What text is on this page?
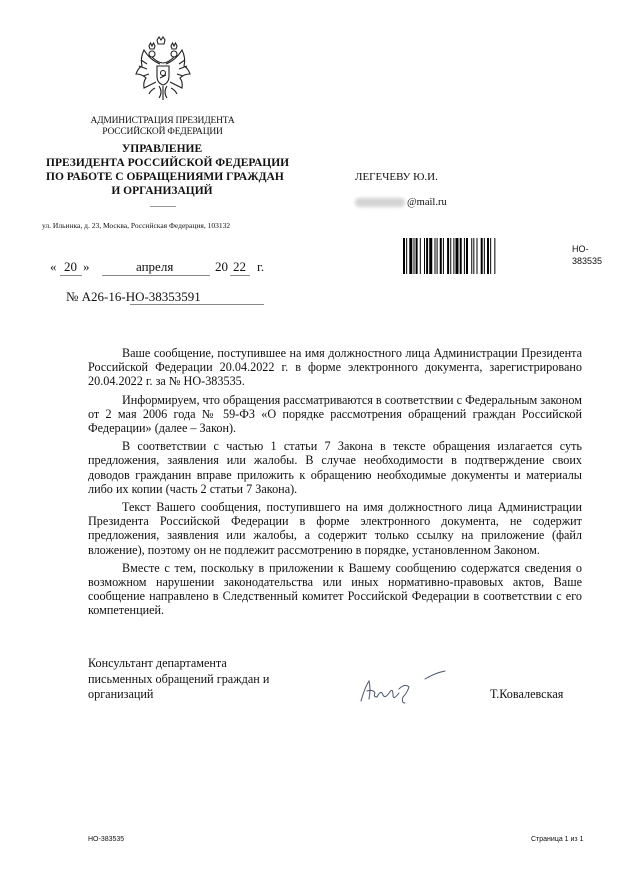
АДМИНИСТРАЦИЯ ПРЕЗИДЕНТА
РОССИЙСКОЙ ФЕДЕРАЦИИ
УПРАВЛЕНИЕ
ПРЕЗИДЕНТА РОССИЙСКОЙ ФЕДЕРАЦИИ
ПО РАБОТЕ С ОБРАЩЕНИЯМИ ГРАЖДАН
И ОРГАНИЗАЦИЙ
ул. Ильинка, д. 23, Москва, Российская Федерация, 103132
ЛЕГЕЧЕВУ Ю.И.
@mail.ru
НО-
383535
« 20 »	апреля	20 22 г.
№ А26-16-НО-38353591

Ваше сообщение, поступившее на имя должностного лица Администрации Президента Российской Федерации 20.04.2022 г. в форме электронного документа, зарегистрировано 20.04.2022 г. за № НО-383535.

Информируем, что обращения рассматриваются в соответствии с Федеральным законом от 2 мая 2006 года № 59-ФЗ «О порядке рассмотрения обращений граждан Российской Федерации» (далее – Закон).

В соответствии с частью 1 статьи 7 Закона в тексте обращения излагается суть предложения, заявления или жалобы. В случае необходимости в подтверждение своих доводов гражданин вправе приложить к обращению необходимые документы и материалы либо их копии (часть 2 статьи 7 Закона).

Текст Вашего сообщения, поступившего на имя должностного лица Администрации Президента Российской Федерации в форме электронного документа, не содержит предложения, заявления или жалобы, а содержит только ссылку на приложение (файл вложение), поэтому он не подлежит рассмотрению в порядке, установленном Законом.

Вместе с тем, поскольку в приложении к Вашему сообщению содержатся сведения о возможном нарушении законодательства или иных нормативно-правовых актов, Ваше сообщение направлено в Следственный комитет Российской Федерации в соответствии с его компетенцией.

Консультант департамента
письменных обращений граждан и
организаций	Т.Ковалевская
НО-383535	Страница 1 из 1
